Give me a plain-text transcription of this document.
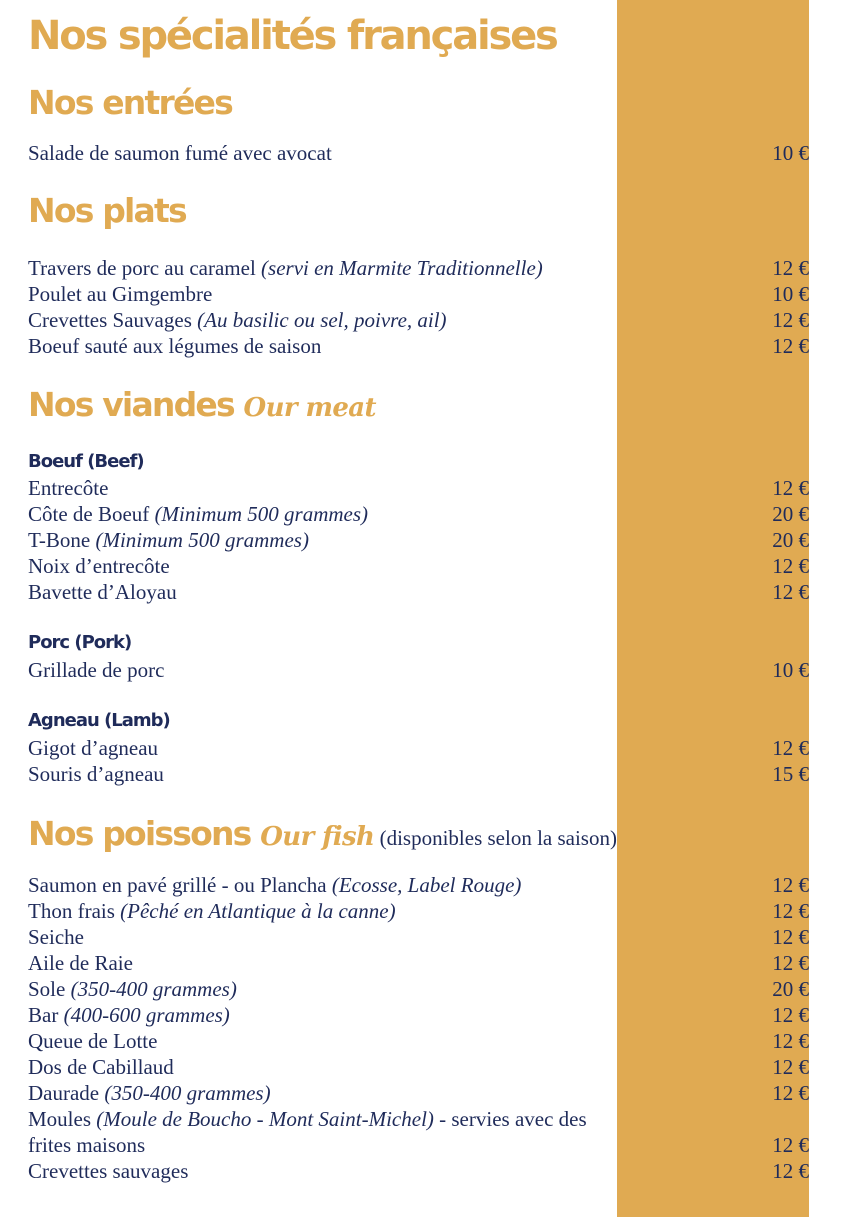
Nos spécialités françaises
Nos entrées
Salade de saumon fumé avec avocat	10 €
Nos plats
Travers de porc au caramel (servi en Marmite Traditionnelle)	12 €
Poulet au Gimgembre	10 €
Crevettes Sauvages (Au basilic ou sel, poivre, ail)	12 €
Boeuf sauté aux légumes de saison	12 €
Nos viandes Our meat
Boeuf (Beef)
Entrecôte	12 €
Côte de Boeuf (Minimum 500 grammes)	20 €
T-Bone (Minimum 500 grammes)	20 €
Noix d’entrecôte	12 €
Bavette d’Aloyau	12 €
Porc (Pork)
Grillade de porc	10 €
Agneau (Lamb)
Gigot d’agneau	12 €
Souris d’agneau	15 €
Nos poissons Our fish (disponibles selon la saison)
Saumon en pavé grillé - ou Plancha (Ecosse, Label Rouge)	12 €
Thon frais (Pêché en Atlantique à la canne)	12 €
Seiche	12 €
Aile de Raie	12 €
Sole (350-400 grammes)	20 €
Bar (400-600 grammes)	12 €
Queue de Lotte	12 €
Dos de Cabillaud	12 €
Daurade (350-400 grammes)	12 €
Moules (Moule de Boucho - Mont Saint-Michel) - servies avec des frites maisons	12 €
Crevettes sauvages	12 €
